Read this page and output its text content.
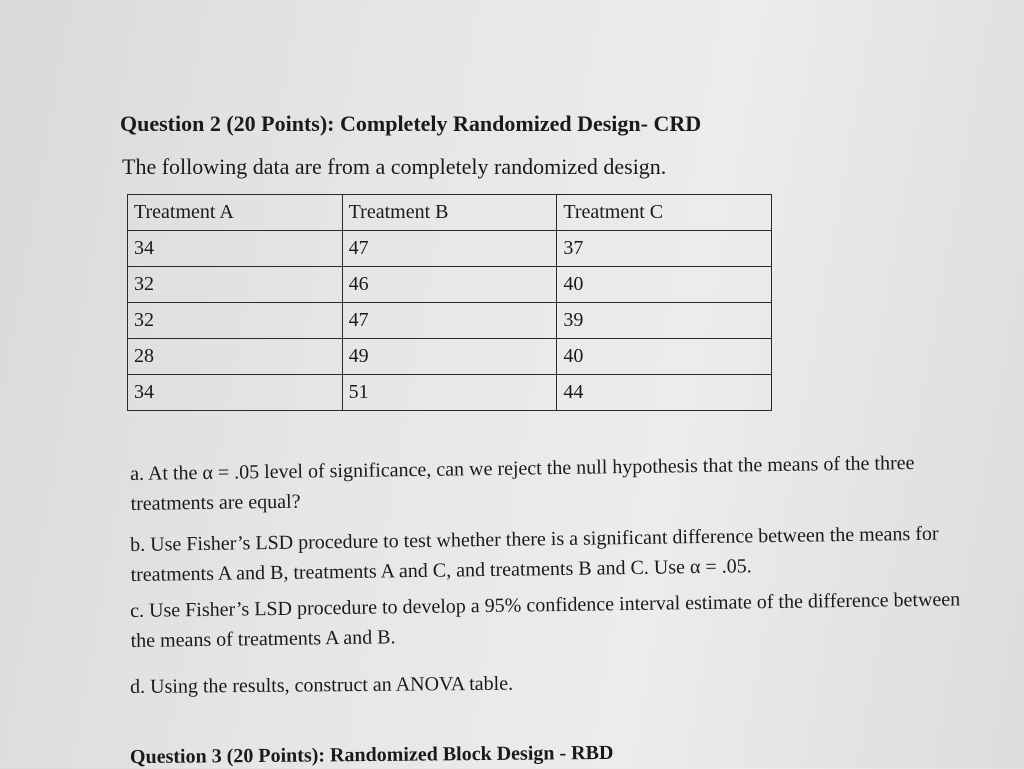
Question 2 (20 Points): Completely Randomized Design- CRD

The following data are from a completely randomized design.

Treatment A	Treatment B	Treatment C
34	47	37
32	46	40
32	47	39
28	49	40
34	51	44

a. At the α = .05 level of significance, can we reject the null hypothesis that the means of the three treatments are equal?

b. Use Fisher’s LSD procedure to test whether there is a significant difference between the means for treatments A and B, treatments A and C, and treatments B and C. Use α = .05.

c. Use Fisher’s LSD procedure to develop a 95% confidence interval estimate of the difference between the means of treatments A and B.

d. Using the results, construct an ANOVA table.

Question 3 (20 Points): Randomized Block Design - RBD
